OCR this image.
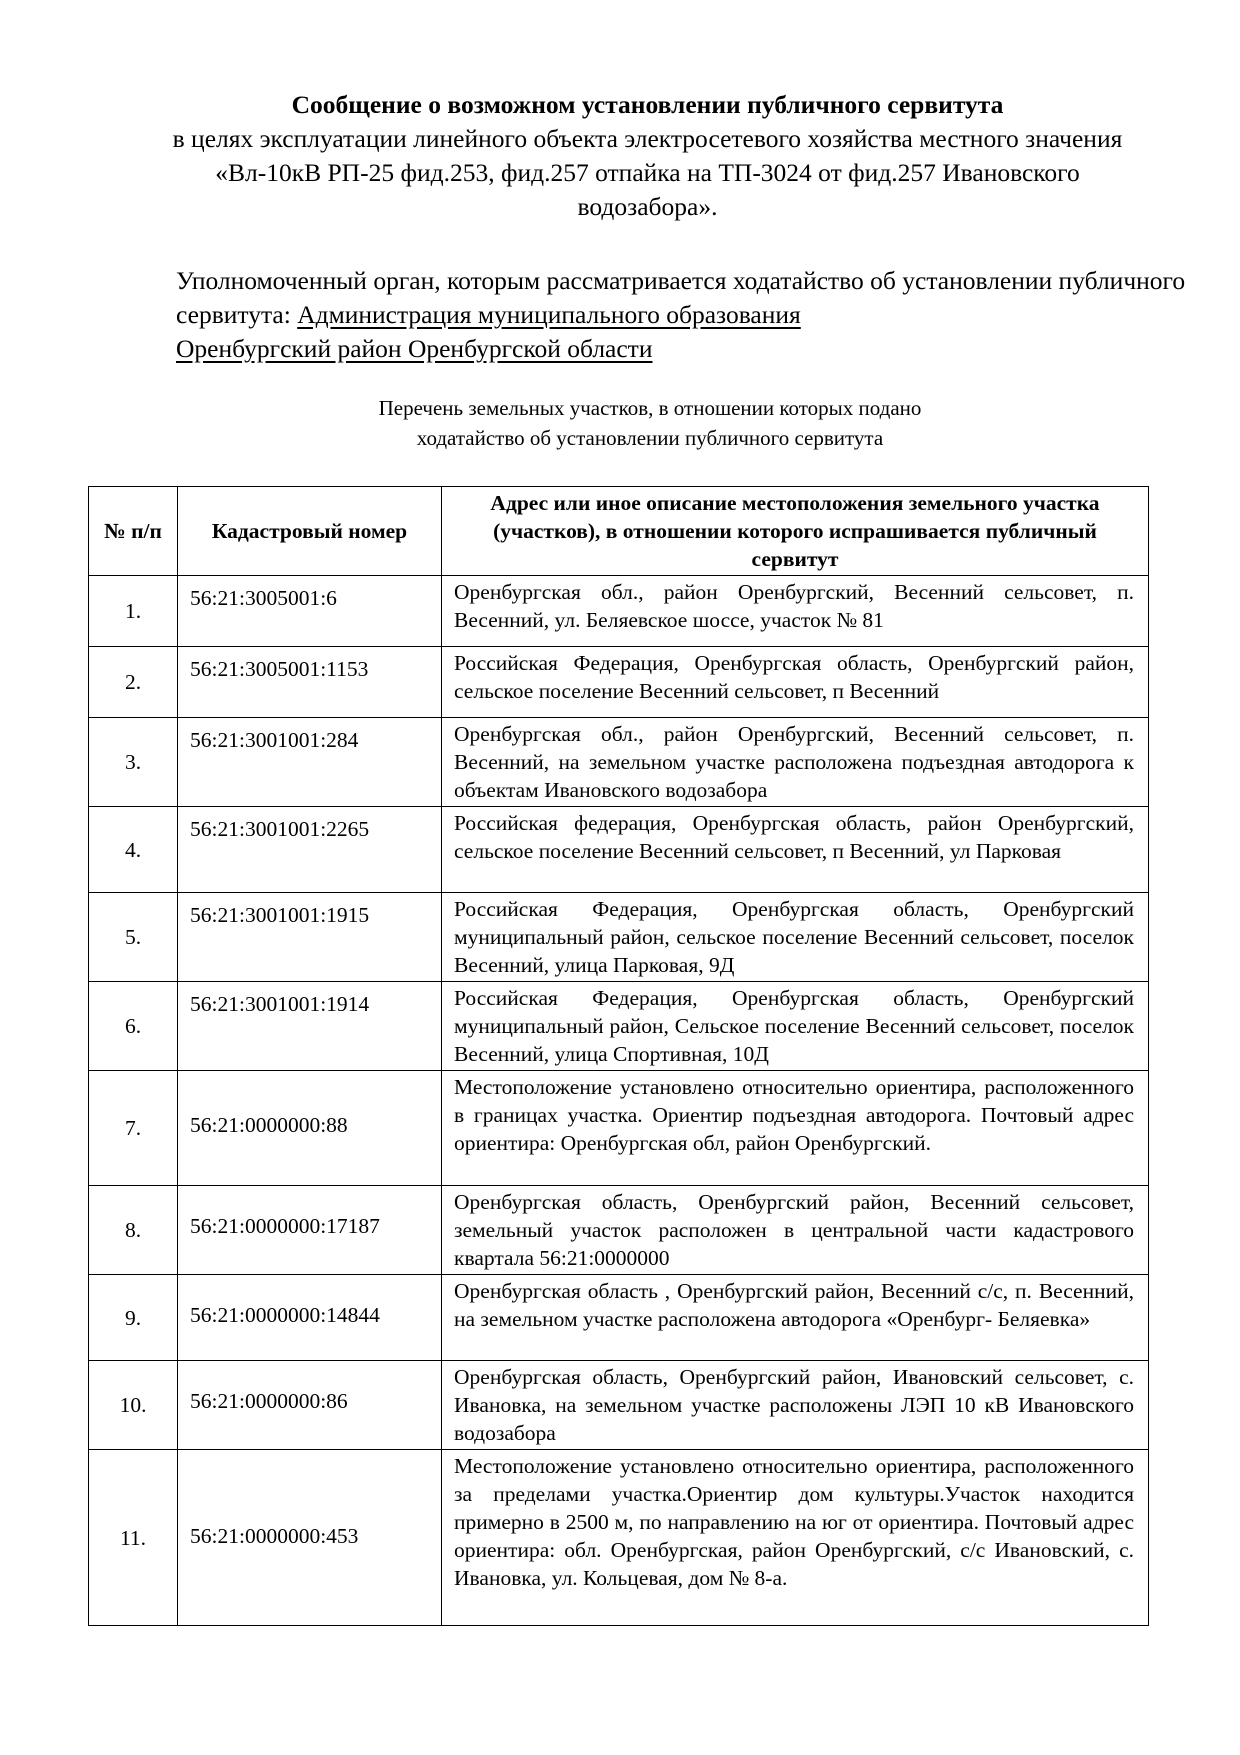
Сообщение о возможном установлении публичного сервитута
в целях эксплуатации линейного объекта электросетевого хозяйства местного значения
«Вл-10кВ РП-25 фид.253, фид.257 отпайка на ТП-3024 от фид.257 Ивановского
водозабора».
Уполномоченный орган, которым рассматривается ходатайство об установлении публичного сервитута: Администрация муниципального образования
Оренбургский район Оренбургской области
Перечень земельных участков, в отношении которых подано
ходатайство об установлении публичного сервитута
№ п/п	Кадастровый номер	Адрес или иное описание местоположения земельного участка (участков), в отношении которого испрашивается публичный сервитут
1.	56:21:3005001:6	Оренбургская обл., район Оренбургский, Весенний сельсовет, п. Весенний, ул. Беляевское шоссе, участок № 81
2.	56:21:3005001:1153	Российская Федерация, Оренбургская область, Оренбургский район, сельское поселение Весенний сельсовет, п Весенний
3.	56:21:3001001:284	Оренбургская обл., район Оренбургский, Весенний сельсовет, п. Весенний, на земельном участке расположена подъездная автодорога к объектам Ивановского водозабора
4.	56:21:3001001:2265	Российская федерация, Оренбургская область, район Оренбургский, сельское поселение Весенний сельсовет, п Весенний, ул Парковая
5.	56:21:3001001:1915	Российская Федерация, Оренбургская область, Оренбургский муниципальный район, сельское поселение Весенний сельсовет, поселок Весенний, улица Парковая, 9Д
6.	56:21:3001001:1914	Российская Федерация, Оренбургская область, Оренбургский муниципальный район, Сельское поселение Весенний сельсовет, поселок Весенний, улица Спортивная, 10Д
7.	56:21:0000000:88	Местоположение установлено относительно ориентира, расположенного в границах участка. Ориентир подъездная автодорога. Почтовый адрес ориентира: Оренбургская обл, район Оренбургский.
8.	56:21:0000000:17187	Оренбургская область, Оренбургский район, Весенний сельсовет, земельный участок расположен в центральной части кадастрового квартала 56:21:0000000
9.	56:21:0000000:14844	Оренбургская область , Оренбургский район, Весенний с/с, п. Весенний, на земельном участке расположена автодорога «Оренбург- Беляевка»
10.	56:21:0000000:86	Оренбургская область, Оренбургский район, Ивановский сельсовет, с. Ивановка, на земельном участке расположены ЛЭП 10 кВ Ивановского водозабора
11.	56:21:0000000:453	Местоположение установлено относительно ориентира, расположенного за пределами участка.Ориентир дом культуры.Участок находится примерно в 2500 м, по направлению на юг от ориентира. Почтовый адрес ориентира: обл. Оренбургская, район Оренбургский, с/с Ивановский, с. Ивановка, ул. Кольцевая, дом № 8-а.
